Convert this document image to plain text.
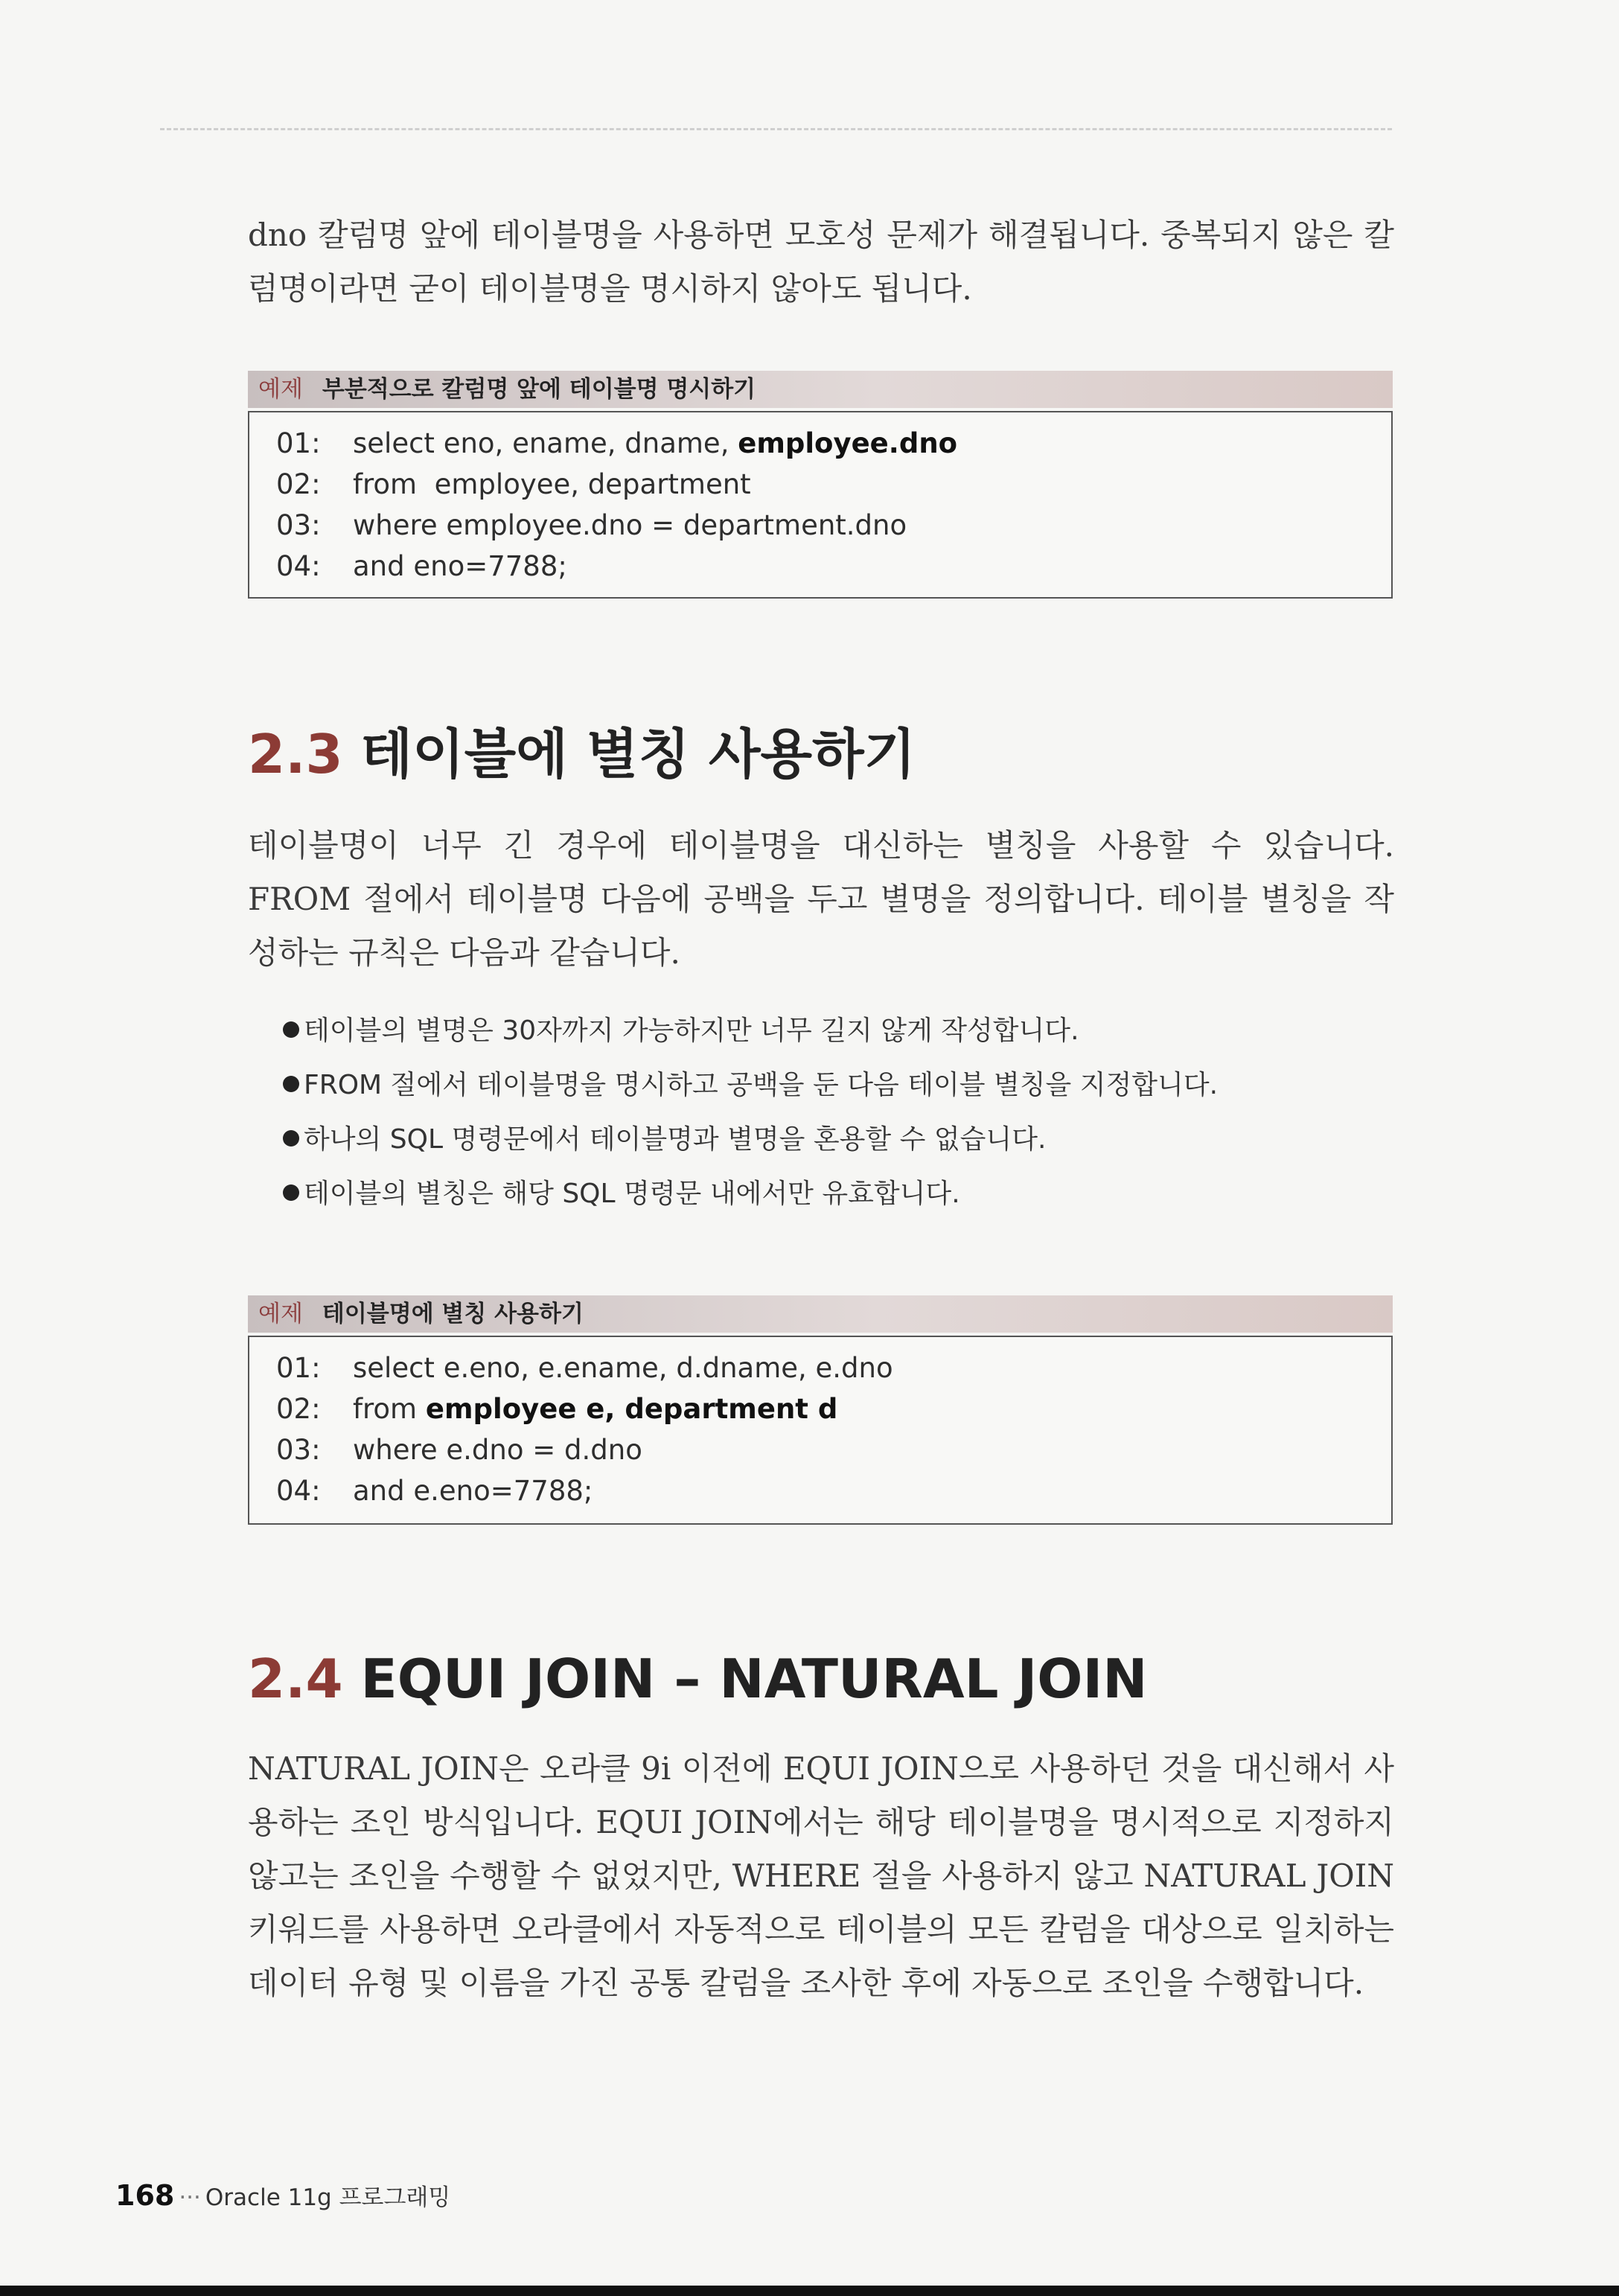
dno 칼럼명 앞에 테이블명을 사용하면 모호성 문제가 해결됩니다. 중복되지 않은 칼럼명이라면 굳이 테이블명을 명시하지 않아도 됩니다.

예제 부분적으로 칼럼명 앞에 테이블명 명시하기
01: select eno, ename, dname, employee.dno
02: from  employee, department
03: where employee.dno = department.dno
04: and eno=7788;
2.3 테이블에 별칭 사용하기

테이블명이 너무 긴 경우에 테이블명을 대신하는 별칭을 사용할 수 있습니다. FROM 절에서 테이블명 다음에 공백을 두고 별명을 정의합니다. 테이블 별칭을 작성하는 규칙은 다음과 같습니다.

테이블의 별명은 30자까지 가능하지만 너무 길지 않게 작성합니다.
FROM 절에서 테이블명을 명시하고 공백을 둔 다음 테이블 별칭을 지정합니다.
하나의 SQL 명령문에서 테이블명과 별명을 혼용할 수 없습니다.
테이블의 별칭은 해당 SQL 명령문 내에서만 유효합니다.
예제 테이블명에 별칭 사용하기
01: select e.eno, e.ename, d.dname, e.dno
02: from employee e, department d
03: where e.dno = d.dno
04: and e.eno=7788;
2.4 EQUI JOIN – NATURAL JOIN

NATURAL JOIN은 오라클 9i 이전에 EQUI JOIN으로 사용하던 것을 대신해서 사용하는 조인 방식입니다. EQUI JOIN에서는 해당 테이블명을 명시적으로 지정하지 않고는 조인을 수행할 수 없었지만, WHERE 절을 사용하지 않고 NATURAL JOIN 키워드를 사용하면 오라클에서 자동적으로 테이블의 모든 칼럼을 대상으로 일치하는 데이터 유형 및 이름을 가진 공통 칼럼을 조사한 후에 자동으로 조인을 수행합니다.

168 ··· Oracle 11g 프로그래밍
